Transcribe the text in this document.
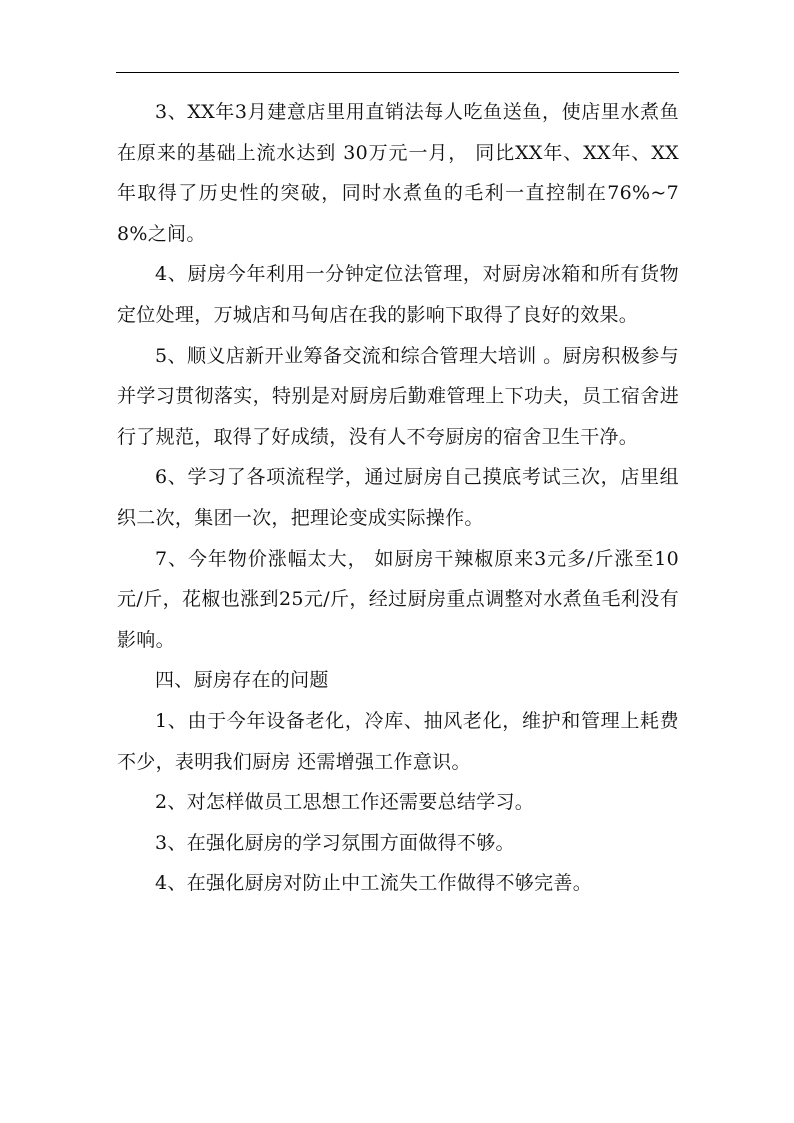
3、XX年3月建意店里用直销法每人吃鱼送鱼，使店里水煮鱼在原来的基础上流水达到 30万元一月， 同比XX年、XX年、XX年取得了历史性的突破，同时水煮鱼的毛利一直控制在76%~78%之间。

4、厨房今年利用一分钟定位法管理，对厨房冰箱和所有货物定位处理，万城店和马甸店在我的影响下取得了良好的效果。

5、顺义店新开业筹备交流和综合管理大培训 。厨房积极参与并学习贯彻落实，特别是对厨房后勤难管理上下功夫，员工宿舍进行了规范，取得了好成绩，没有人不夸厨房的宿舍卫生干净。

6、学习了各项流程学，通过厨房自己摸底考试三次，店里组织二次，集团一次，把理论变成实际操作。

7、今年物价涨幅太大， 如厨房干辣椒原来3元多/斤涨至10元/斤，花椒也涨到25元/斤，经过厨房重点调整对水煮鱼毛利没有影响。

四、厨房存在的问题

1、由于今年设备老化，冷库、抽风老化，维护和管理上耗费不少，表明我们厨房 还需增强工作意识。

2、对怎样做员工思想工作还需要总结学习。

3、在强化厨房的学习氛围方面做得不够。

4、在强化厨房对防止中工流失工作做得不够完善。
